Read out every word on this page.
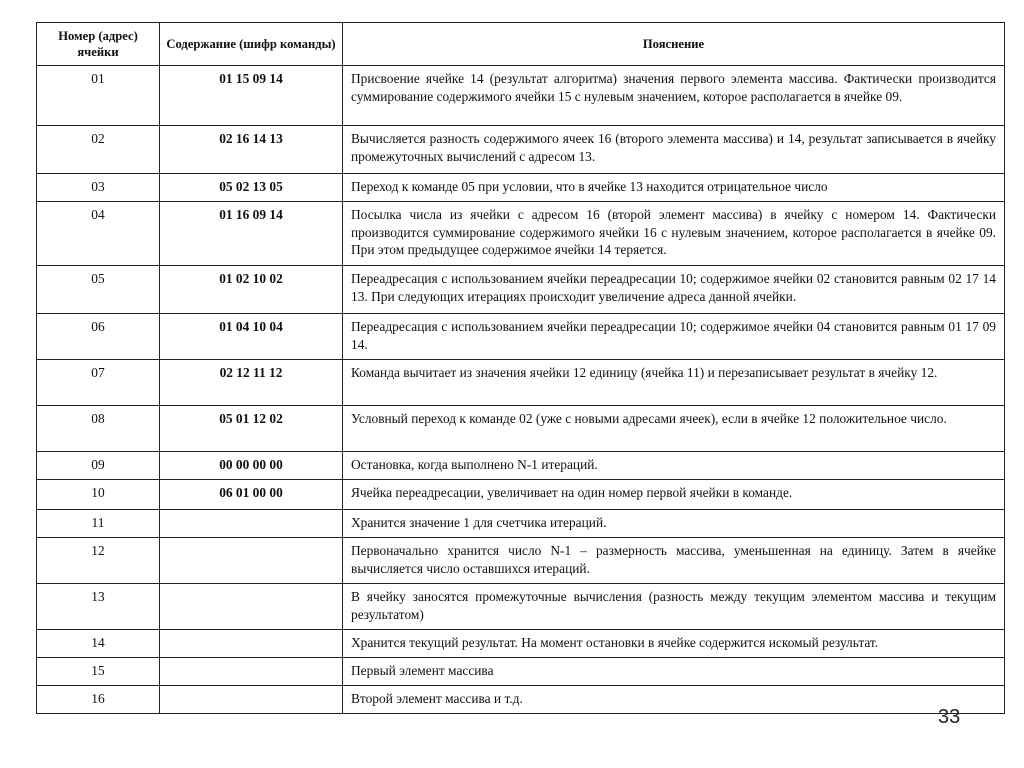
Номер (адрес) ячейки	Содержание (шифр команды)	Пояснение
01	01 15 09 14	Присвоение ячейке 14 (результат алгоритма) значения первого элемента массива. Фактически производится суммирование содержимого ячейки 15 с нулевым значением, которое располагается в ячейке 09.
02	02 16 14 13	Вычисляется разность содержимого ячеек 16 (второго элемента массива) и 14, результат записывается в ячейку промежуточных вычислений с адресом 13.
03	05 02 13 05	Переход к команде 05 при условии, что в ячейке 13 находится отрицательное число
04	01 16 09 14	Посылка числа из ячейки с адресом 16 (второй элемент массива) в ячейку с номером 14. Фактически производится суммирование содержимого ячейки 16 с нулевым значением, которое располагается в ячейке 09. При этом предыдущее содержимое ячейки 14 теряется.
05	01 02 10 02	Переадресация с использованием ячейки переадресации 10; содержимое ячейки 02 становится равным 02 17 14 13. При следующих итерациях происходит увеличение адреса данной ячейки.
06	01 04 10 04	Переадресация с использованием ячейки переадресации 10; содержимое ячейки 04 становится равным 01 17 09 14.
07	02 12 11 12	Команда вычитает из значения ячейки 12 единицу (ячейка 11) и перезаписывает результат в ячейку 12.
08	05 01 12 02	Условный переход к команде 02 (уже с новыми адресами ячеек), если в ячейке 12 положительное число.
09	00 00 00 00	Остановка, когда выполнено N-1 итераций.
10	06 01 00 00	Ячейка переадресации, увеличивает на один номер первой ячейки в команде.
11		Хранится значение 1 для счетчика итераций.
12		Первоначально хранится число N-1 – размерность массива, уменьшенная на единицу. Затем в ячейке вычисляется число оставшихся итераций.
13		В ячейку заносятся промежуточные вычисления (разность между текущим элементом массива и текущим результатом)
14		Хранится текущий результат. На момент остановки в ячейке содержится искомый результат.
15		Первый элемент массива
16		Второй элемент массива и т.д.
33
